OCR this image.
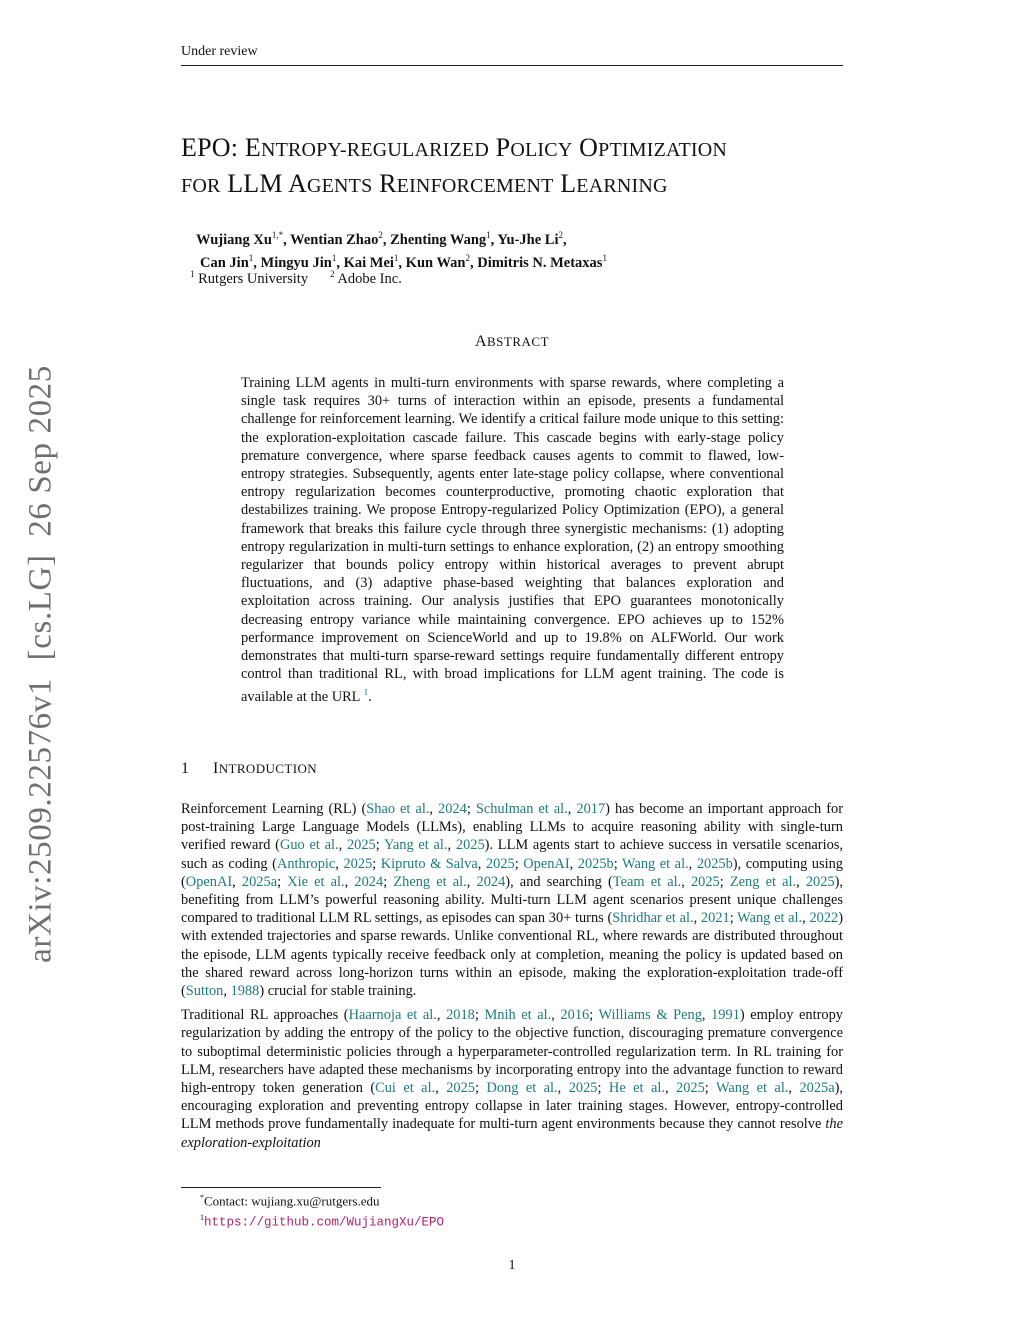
Under review
arXiv:2509.22576v1  [cs.LG]  26 Sep 2025
EPO: ENTROPY-REGULARIZED POLICY OPTIMIZATION
FOR LLM AGENTS REINFORCEMENT LEARNING
Wujiang $Xu^{1,*}$, Wentian Zhao$^2$, Zhenting Wang$^1$, Yu-Jhe Li$^2$,
Can Jin$^1$, Mingyu Jin$^1$, Kai Mei$^1$, Kun Wan$^2$, Dimitris N. Metaxas$^1$
$^1$ Rutgers University $^2$ Adobe Inc.
ABSTRACT
Training LLM agents in multi-turn environments with sparse rewards, where completing a single task requires 30+ turns of interaction within an episode, presents a fundamental challenge for reinforcement learning. We identify a critical failure mode unique to this setting: the exploration-exploitation cascade failure. This cascade begins with early-stage policy premature convergence, where sparse feedback causes agents to commit to flawed, low-entropy strategies. Subsequently, agents enter late-stage policy collapse, where conventional entropy regularization becomes counterproductive, promoting chaotic exploration that destabilizes training. We propose Entropy-regularized Policy Optimization (EPO), a general framework that breaks this failure cycle through three synergistic mechanisms: (1) adopting entropy regularization in multi-turn settings to enhance exploration, (2) an entropy smoothing regularizer that bounds policy entropy within historical averages to prevent abrupt fluctuations, and (3) adaptive phase-based weighting that balances exploration and exploitation across training. Our analysis justifies that EPO guarantees monotonically decreasing entropy variance while maintaining convergence. EPO achieves up to 152% performance improvement on ScienceWorld and up to 19.8% on ALFWorld. Our work demonstrates that multi-turn sparse-reward settings require fundamentally different entropy control than traditional RL, with broad implications for LLM agent training. The code is available at the URL $^1$.
1 INTRODUCTION

Reinforcement Learning (RL) (Shao et al., 2024; Schulman et al., 2017) has become an important approach for post-training Large Language Models (LLMs), enabling LLMs to acquire reasoning ability with single-turn verified reward (Guo et al., 2025; Yang et al., 2025). LLM agents start to achieve success in versatile scenarios, such as coding (Anthropic, 2025; Kipruto & Salva, 2025; OpenAI, 2025b; Wang et al., 2025b), computing using (OpenAI, 2025a; Xie et al., 2024; Zheng et al., 2024), and searching (Team et al., 2025; Zeng et al., 2025), benefiting from LLM’s powerful reasoning ability. Multi-turn LLM agent scenarios present unique challenges compared to traditional LLM RL settings, as episodes can span 30+ turns (Shridhar et al., 2021; Wang et al., 2022) with extended trajectories and sparse rewards. Unlike conventional RL, where rewards are distributed throughout the episode, LLM agents typically receive feedback only at completion, meaning the policy is updated based on the shared reward across long-horizon turns within an episode, making the exploration-exploitation trade-off (Sutton, 1988) crucial for stable training.

Traditional RL approaches (Haarnoja et al., 2018; Mnih et al., 2016; Williams & Peng, 1991) employ entropy regularization by adding the entropy of the policy to the objective function, discouraging premature convergence to suboptimal deterministic policies through a hyperparameter-controlled regularization term. In RL training for LLM, researchers have adapted these mechanisms by incorporating entropy into the advantage function to reward high-entropy token generation (Cui et al., 2025; Dong et al., 2025; He et al., 2025; Wang et al., 2025a), encouraging exploration and preventing entropy collapse in later training stages. However, entropy-controlled LLM methods prove fundamentally inadequate for multi-turn agent environments because they cannot resolve the exploration-exploitation

*Contact: wujiang.xu@rutgers.edu
$^1$https://github.com/WujiangXu/EPO
1
